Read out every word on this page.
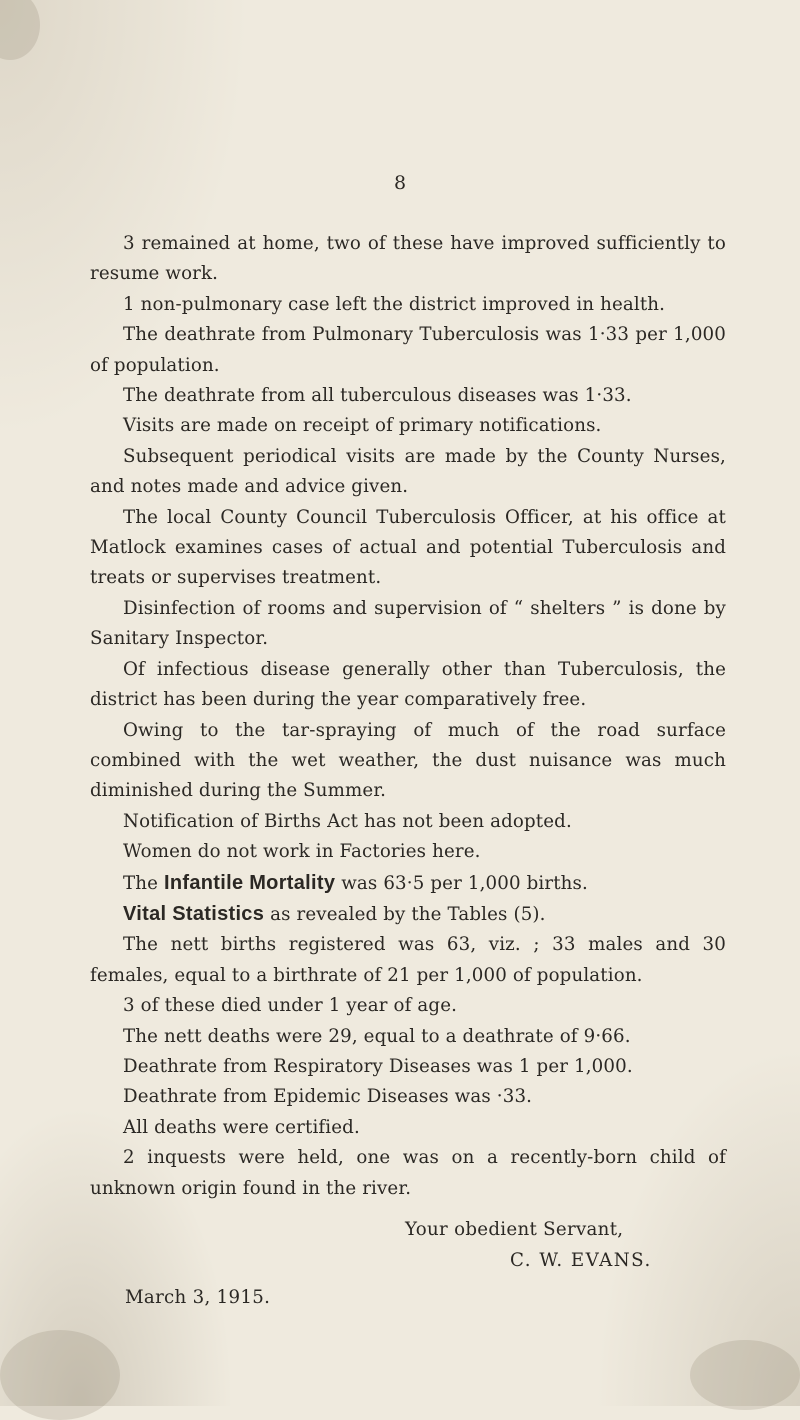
8

3 remained at home, two of these have improved sufficiently to resume work.

1 non-pulmonary case left the district improved in health.

The deathrate from Pulmonary Tuberculosis was 1·33 per 1,000 of population.

The deathrate from all tuberculous diseases was 1·33.

Visits are made on receipt of primary notifications.

Subsequent periodical visits are made by the County Nurses, and notes made and advice given.

The local County Council Tuberculosis Officer, at his office at Matlock examines cases of actual and potential Tuberculosis and treats or supervises treatment.

Disinfection of rooms and supervision of “ shelters ” is done by Sanitary Inspector.

Of infectious disease generally other than Tuberculosis, the district has been during the year comparatively free.

Owing to the tar-spraying of much of the road surface combined with the wet weather, the dust nuisance was much diminished during the Summer.

Notification of Births Act has not been adopted.

Women do not work in Factories here.

The Infantile Mortality was 63·5 per 1,000 births.

Vital Statistics as revealed by the Tables (5).

The nett births registered was 63, viz. ; 33 males and 30 females, equal to a birthrate of 21 per 1,000 of population.

3 of these died under 1 year of age.

The nett deaths were 29, equal to a deathrate of 9·66.

Deathrate from Respiratory Diseases was 1 per 1,000.

Deathrate from Epidemic Diseases was ·33.

All deaths were certified.

2 inquests were held, one was on a recently-born child of unknown origin found in the river.

Your obedient Servant,
C. W. EVANS.
March 3, 1915.
